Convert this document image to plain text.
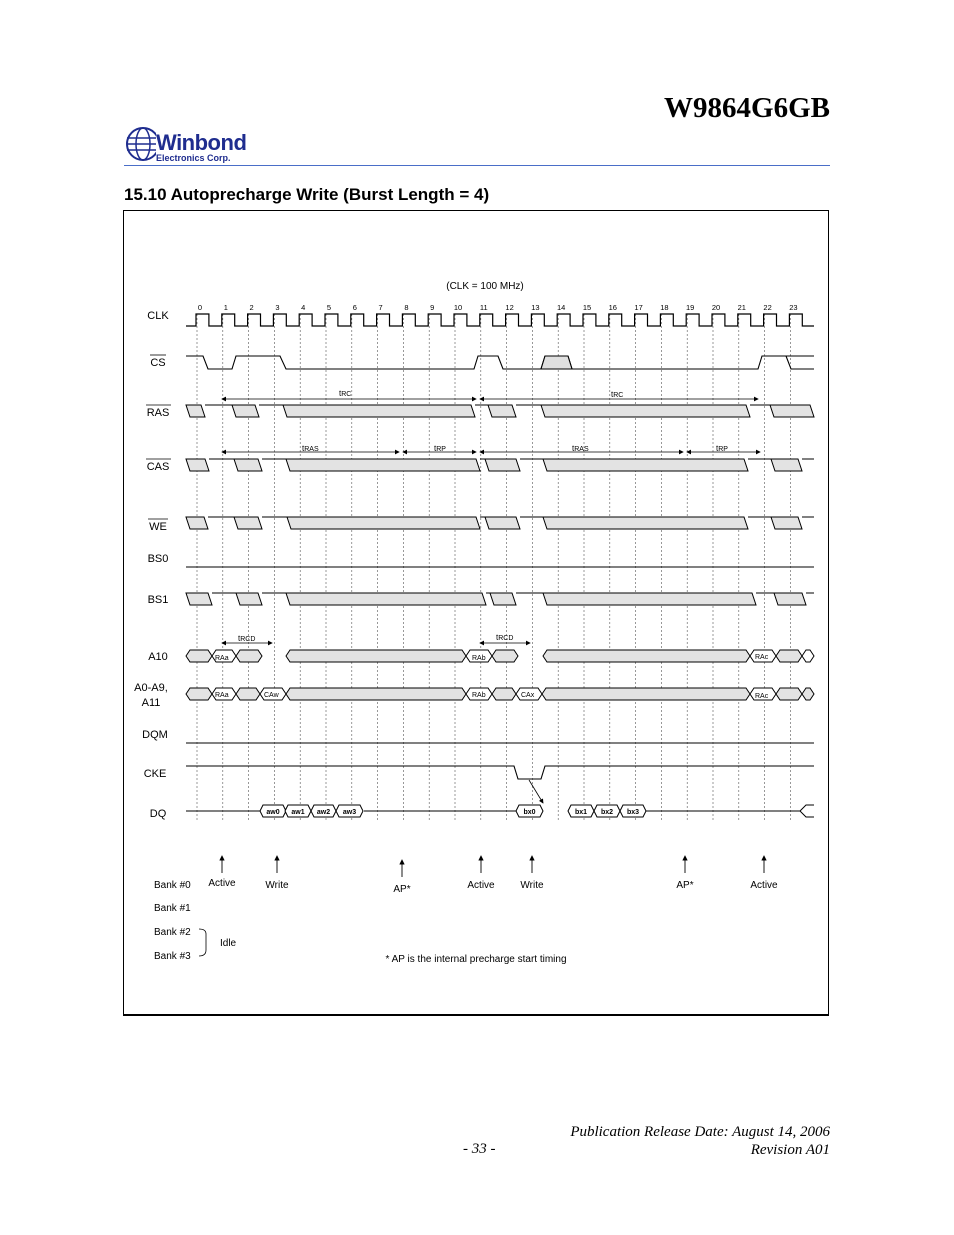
W9864G6GB
Winbond
Electronics Corp.
15.10 Autoprecharge Write (Burst Length = 4)
(CLK = 100 MHz)
0	1	2	3	4	5	6	7	8	9	10 11 12 13 14 15 16 17 18 19 20 21 22 23
CLK
CS
RAS
CAS
WE
BS0
BS1
A10
A0-A9,
A11
DQM
CKE
DQ
tRC	tRC
tRAS	tRP	tRAS	tRP
tRCD	tRCD
RAa	RAb	RAc
RAa	CAw	RAb	CAx	RAc
aw0 aw1 aw2 aw3	bx0	bx1 bx2 bx3
Active	Write	AP*	Active	Write	AP*	Active
Bank #0
Bank #1
Bank #2
Bank #3
Idle
* AP is the internal precharge start timing
Publication Release Date: August 14, 2006
Revision A01
- 33 -
